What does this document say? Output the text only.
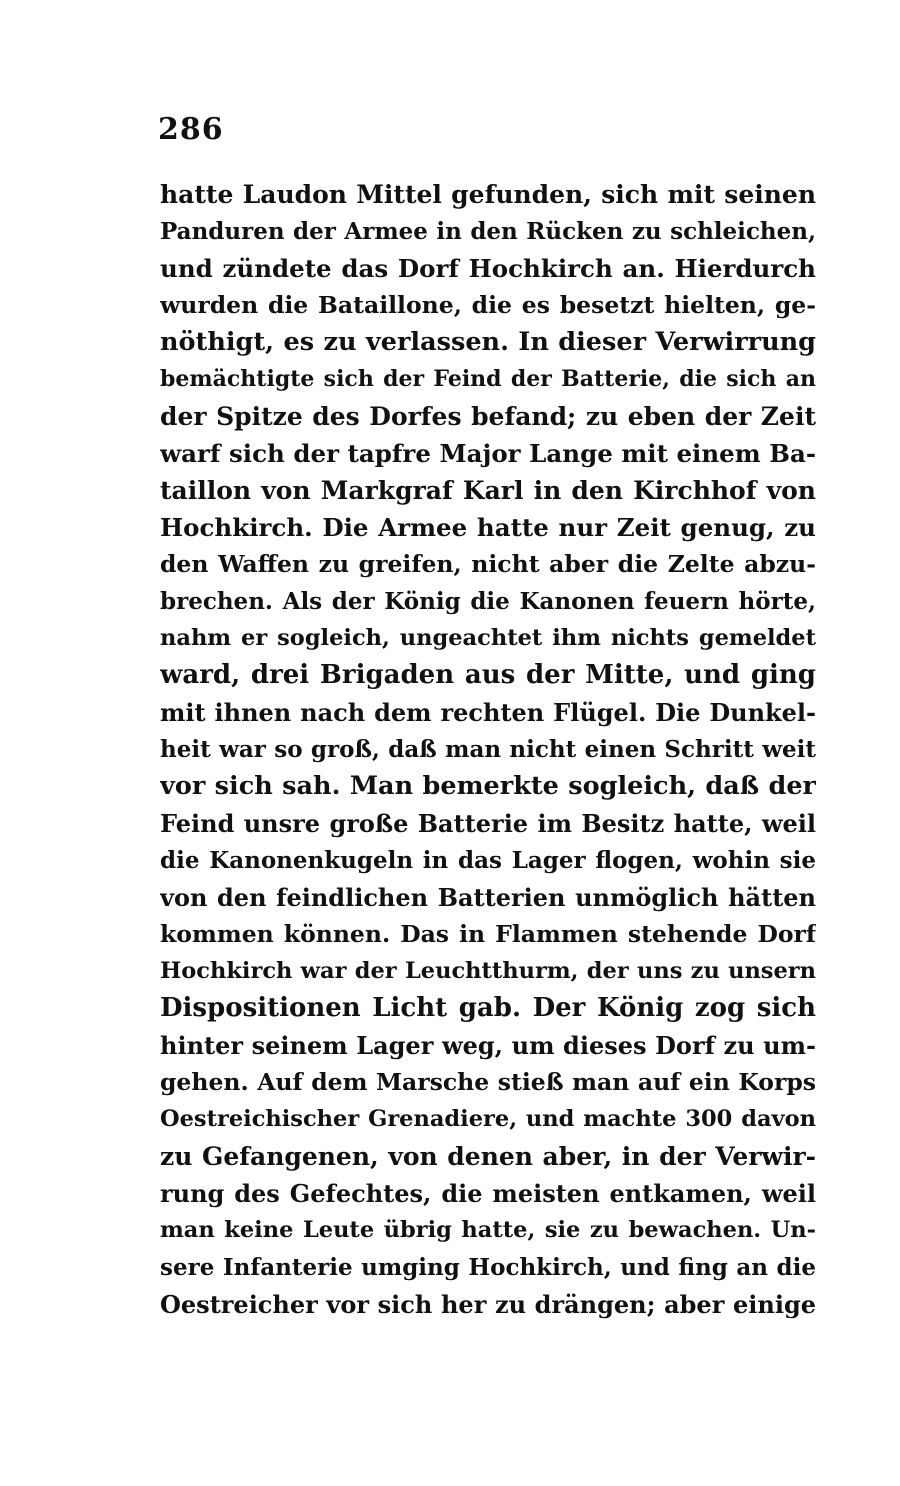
286
hatte Laudon Mittel gefunden, sich mit seinen
Panduren der Armee in den Rücken zu schleichen,
und zündete das Dorf Hochkirch an. Hierdurch
wurden die Bataillone, die es besetzt hielten, ge-
nöthigt, es zu verlassen. In dieser Verwirrung
bemächtigte sich der Feind der Batterie, die sich an
der Spitze des Dorfes befand; zu eben der Zeit
warf sich der tapfre Major Lange mit einem Ba-
taillon von Markgraf Karl in den Kirchhof von
Hochkirch. Die Armee hatte nur Zeit genug, zu
den Waffen zu greifen, nicht aber die Zelte abzu-
brechen. Als der König die Kanonen feuern hörte,
nahm er sogleich, ungeachtet ihm nichts gemeldet
ward, drei Brigaden aus der Mitte, und ging
mit ihnen nach dem rechten Flügel. Die Dunkel-
heit war so groß, daß man nicht einen Schritt weit
vor sich sah. Man bemerkte sogleich, daß der
Feind unsre große Batterie im Besitz hatte, weil
die Kanonenkugeln in das Lager flogen, wohin sie
von den feindlichen Batterien unmöglich hätten
kommen können. Das in Flammen stehende Dorf
Hochkirch war der Leuchtthurm, der uns zu unsern
Dispositionen Licht gab. Der König zog sich
hinter seinem Lager weg, um dieses Dorf zu um-
gehen. Auf dem Marsche stieß man auf ein Korps
Oestreichischer Grenadiere, und machte 300 davon
zu Gefangenen, von denen aber, in der Verwir-
rung des Gefechtes, die meisten entkamen, weil
man keine Leute übrig hatte, sie zu bewachen. Un-
sere Infanterie umging Hochkirch, und fing an die
Oestreicher vor sich her zu drängen; aber einige
